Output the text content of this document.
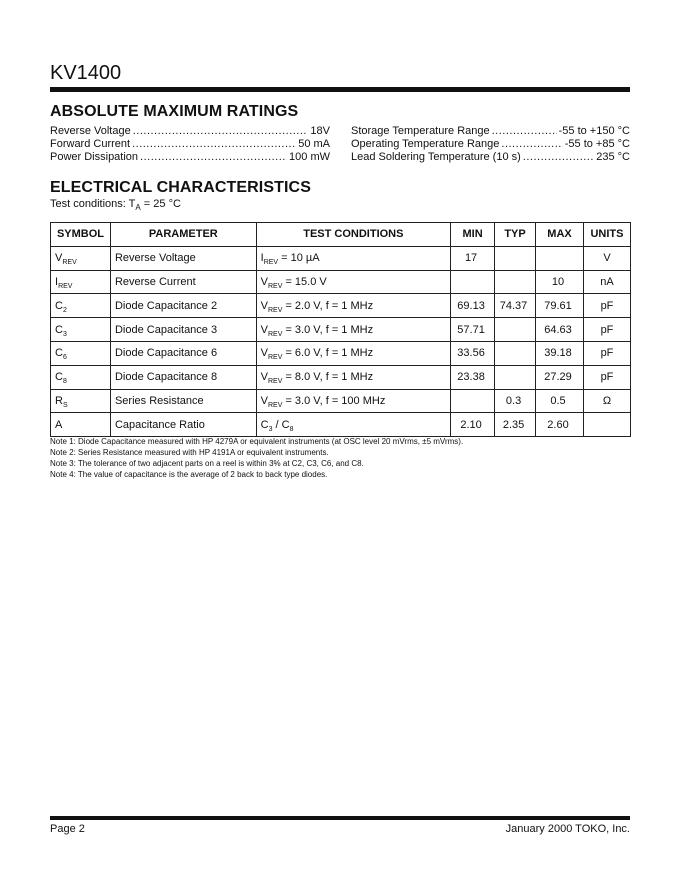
KV1400
ABSOLUTE MAXIMUM RATINGS
Reverse Voltage .....	18V
Forward Current .....	50 mA
Power Dissipation .....	100 mW
Storage Temperature Range .....	-55 to +150 °C
Operating Temperature Range .....	-55 to +85 °C
Lead Soldering Temperature (10 s) .....	235 °C
ELECTRICAL CHARACTERISTICS
Test conditions: $T_A = 25$ °C
SYMBOL	PARAMETER	TEST CONDITIONS	MIN	TYP	MAX	UNITS
$V_{REV}$	Reverse Voltage	$I_{REV} = 10$ µA	17			V
$I_{REV}$	Reverse Current	$V_{REV} = 15.0$ V			10	nA
$C_2$	Diode Capacitance 2	$V_{REV} = 2.0$ V, f = 1 MHz	69.13	74.37	79.61	pF
$C_3$	Diode Capacitance 3	$V_{REV} = 3.0$ V, f = 1 MHz	57.71		64.63	pF
$C_6$	Diode Capacitance 6	$V_{REV} = 6.0$ V, f = 1 MHz	33.56		39.18	pF
$C_8$	Diode Capacitance 8	$V_{REV} = 8.0$ V, f = 1 MHz	23.38		27.29	pF
$R_S$	Series Resistance	$V_{REV} = 3.0$ V, f = 100 MHz		0.3	0.5	Ω
A	Capacitance Ratio	$C_3 / C_8$	2.10	2.35	2.60	
Note 1: Diode Capacitance measured with HP 4279A or equivalent instruments (at OSC level 20 mVrms, ±5 mVrms).
Note 2: Series Resistance measured with HP 4191A or equivalent instruments.
Note 3: The tolerance of two adjacent parts on a reel is within 3% at C2, C3, C6, and C8.
Note 4: The value of capacitance is the average of 2 back to back type diodes.
Page 2	January 2000 TOKO, Inc.
